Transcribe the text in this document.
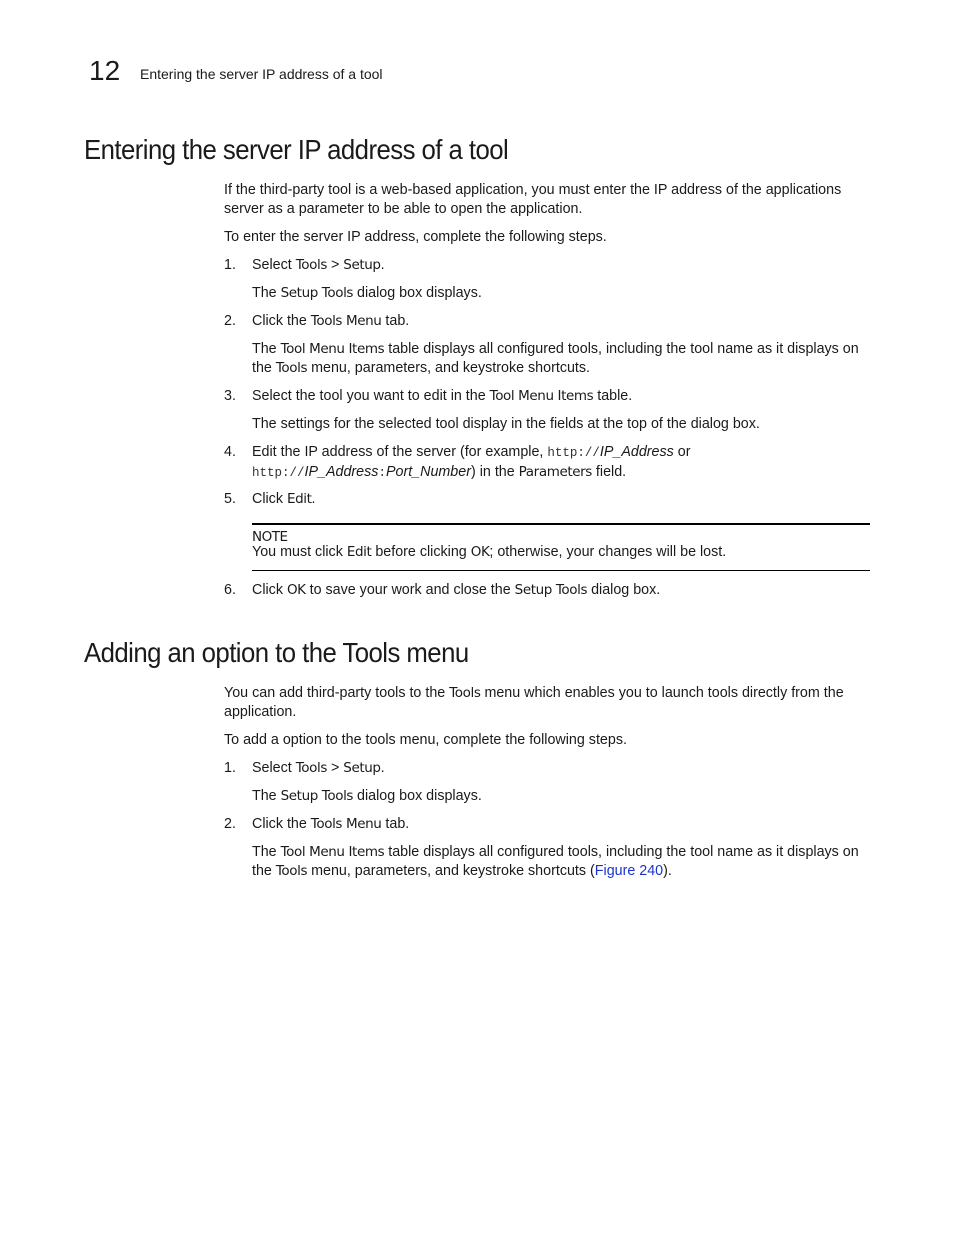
12 Entering the server IP address of a tool
Entering the server IP address of a tool

If the third-party tool is a web-based application, you must enter the IP address of the applications server as a parameter to be able to open the application.

To enter the server IP address, complete the following steps.

1. Select Tools > Setup.

The Setup Tools dialog box displays.

2. Click the Tools Menu tab.

The Tool Menu Items table displays all configured tools, including the tool name as it displays on the Tools menu, parameters, and keystroke shortcuts.

3. Select the tool you want to edit in the Tool Menu Items table.

The settings for the selected tool display in the fields at the top of the dialog box.

4. Edit the IP address of the server (for example, http://IP_Address or
http://IP_Address:Port_Number) in the Parameters field.

5. Click Edit.

NOTE

You must click Edit before clicking OK; otherwise, your changes will be lost.

6. Click OK to save your work and close the Setup Tools dialog box.

Adding an option to the Tools menu

You can add third-party tools to the Tools menu which enables you to launch tools directly from the application.

To add a option to the tools menu, complete the following steps.

1. Select Tools > Setup.

The Setup Tools dialog box displays.

2. Click the Tools Menu tab.

The Tool Menu Items table displays all configured tools, including the tool name as it displays on the Tools menu, parameters, and keystroke shortcuts (Figure 240).
